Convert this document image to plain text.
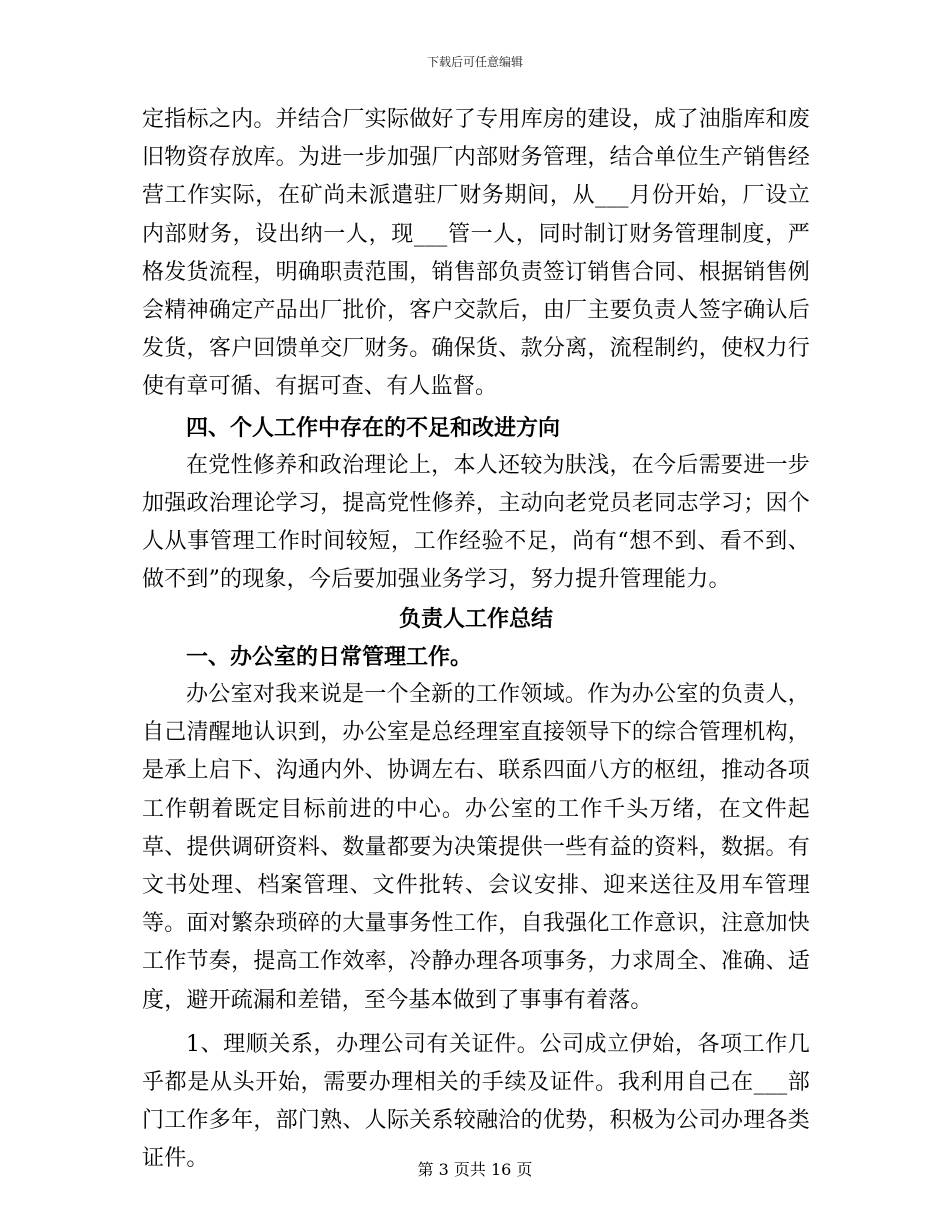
下载后可任意编辑

定指标之内。并结合厂实际做好了专用库房的建设，成了油脂库和废旧物资存放库。为进一步加强厂内部财务管理，结合单位生产销售经营工作实际，在矿尚未派遣驻厂财务期间，从___月份开始，厂设立内部财务，设出纳一人，现___管一人，同时制订财务管理制度，严格发货流程，明确职责范围，销售部负责签订销售合同、根据销售例会精神确定产品出厂批价，客户交款后，由厂主要负责人签字确认后发货，客户回馈单交厂财务。确保货、款分离，流程制约，使权力行使有章可循、有据可查、有人监督。

四、个人工作中存在的不足和改进方向

在党性修养和政治理论上，本人还较为肤浅，在今后需要进一步加强政治理论学习，提高党性修养，主动向老党员老同志学习；因个人从事管理工作时间较短，工作经验不足，尚有“想不到、看不到、做不到”的现象，今后要加强业务学习，努力提升管理能力。

负责人工作总结

一、办公室的日常管理工作。

办公室对我来说是一个全新的工作领域。作为办公室的负责人，自己清醒地认识到，办公室是总经理室直接领导下的综合管理机构，是承上启下、沟通内外、协调左右、联系四面八方的枢纽，推动各项工作朝着既定目标前进的中心。办公室的工作千头万绪，在文件起草、提供调研资料、数量都要为决策提供一些有益的资料，数据。有文书处理、档案管理、文件批转、会议安排、迎来送往及用车管理等。面对繁杂琐碎的大量事务性工作，自我强化工作意识，注意加快工作节奏，提高工作效率，冷静办理各项事务，力求周全、准确、适度，避开疏漏和差错，至今基本做到了事事有着落。

1、理顺关系，办理公司有关证件。公司成立伊始，各项工作几乎都是从头开始，需要办理相关的手续及证件。我利用自己在___部门工作多年，部门熟、人际关系较融洽的优势，积极为公司办理各类证件。	第 3 页共 16 页
